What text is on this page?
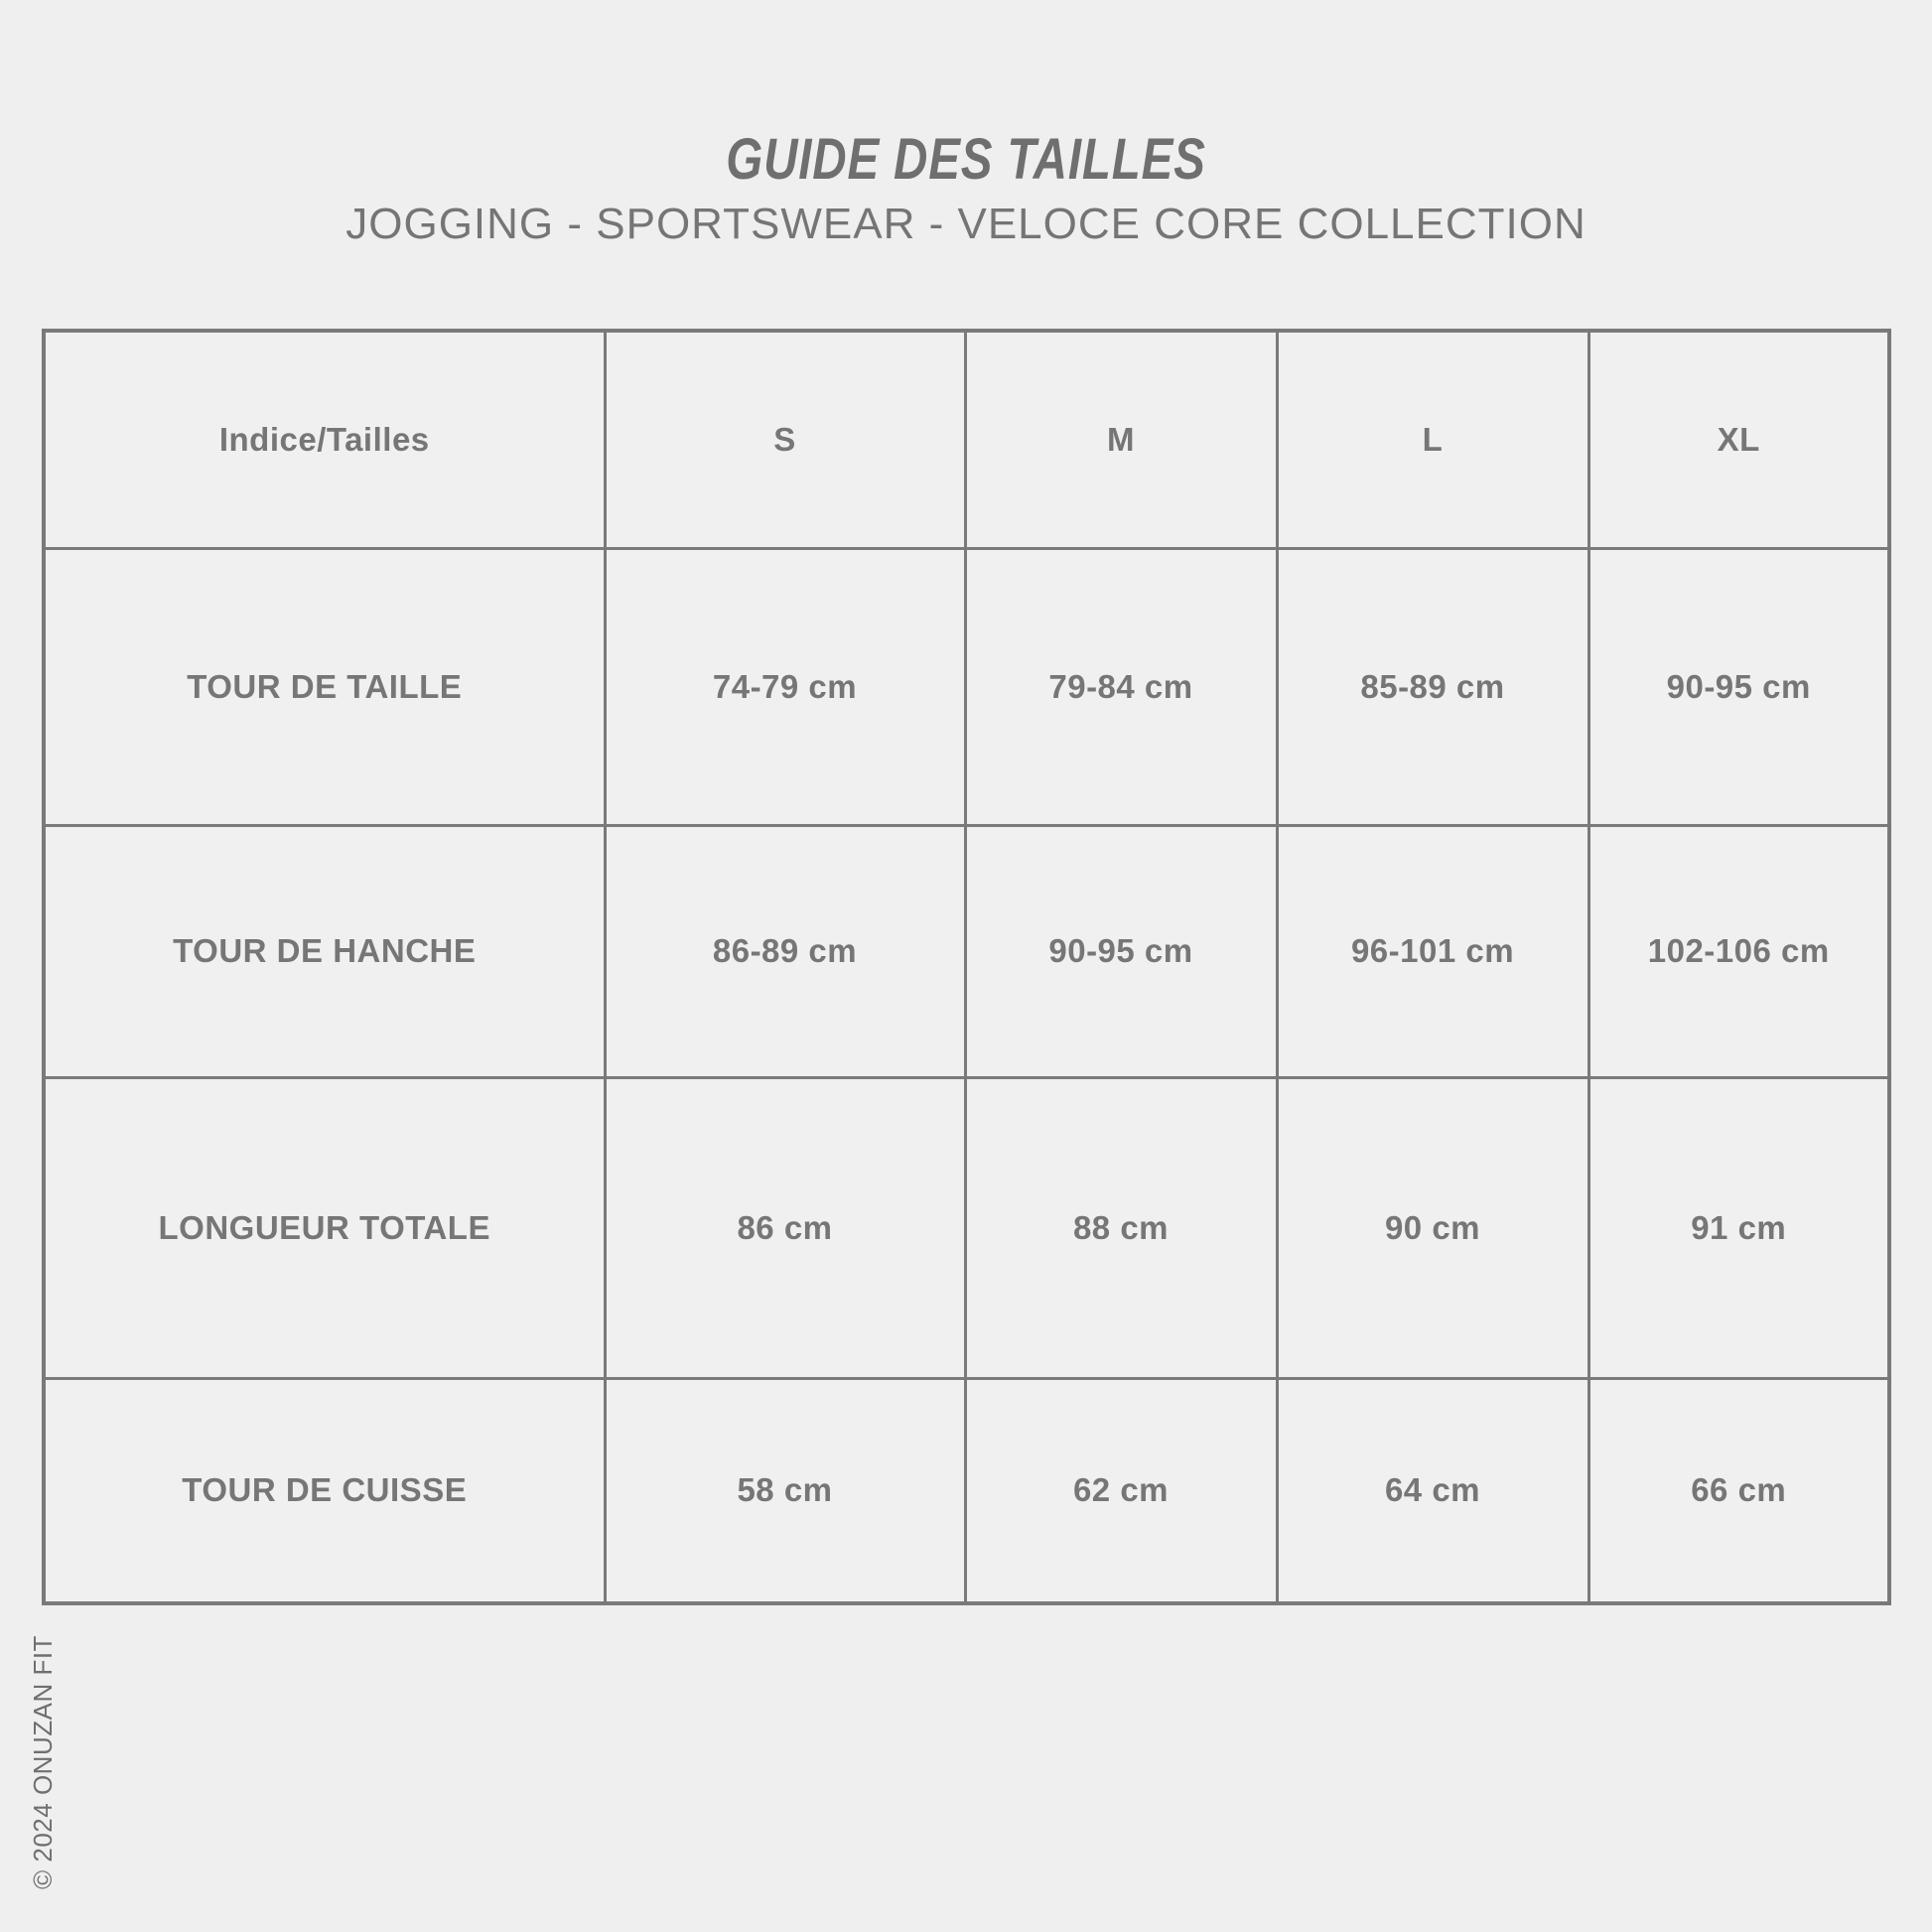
GUIDE DES TAILLES
JOGGING - SPORTSWEAR - VELOCE CORE COLLECTION
Indice/Tailles	S	M	L	XL
TOUR DE TAILLE	74-79 cm	79-84 cm	85-89 cm	90-95 cm
TOUR DE HANCHE	86-89 cm	90-95 cm	96-101 cm	102-106 cm
LONGUEUR TOTALE	86 cm	88 cm	90 cm	91 cm
TOUR DE CUISSE	58 cm	62 cm	64 cm	66 cm
© 2024 ONUZAN FIT
